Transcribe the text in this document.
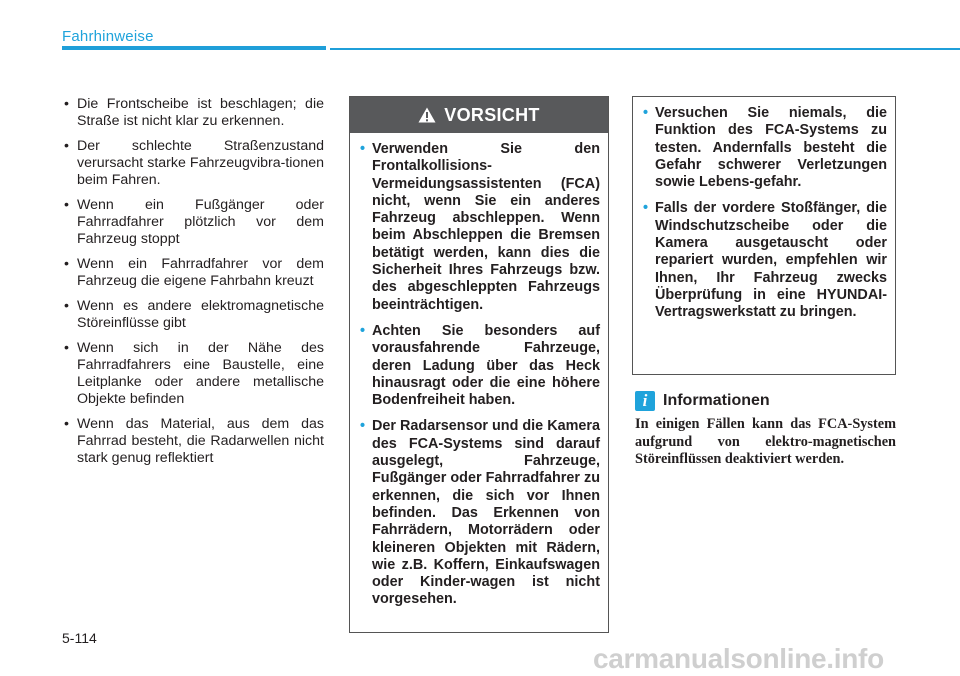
Fahrhinweise
• Die Frontscheibe ist beschlagen; die Straße ist nicht klar zu erkennen.
• Der schlechte Straßenzustand verursacht starke Fahrzeugvibra-tionen beim Fahren.
• Wenn ein Fußgänger oder Fahrradfahrer plötzlich vor dem Fahrzeug stoppt
• Wenn ein Fahrradfahrer vor dem Fahrzeug die eigene Fahrbahn kreuzt
• Wenn es andere elektromagnetische Störeinflüsse gibt
• Wenn sich in der Nähe des Fahrradfahrers eine Baustelle, eine Leitplanke oder andere metallische Objekte befinden
• Wenn das Material, aus dem das Fahrrad besteht, die Radarwellen nicht stark genug reflektiert
VORSICHT
• Verwenden Sie den Frontalkollisions-Vermeidungsassistenten (FCA) nicht, wenn Sie ein anderes Fahrzeug abschleppen. Wenn beim Abschleppen die Bremsen betätigt werden, kann dies die Sicherheit Ihres Fahrzeugs bzw. des abgeschleppten Fahrzeugs beeinträchtigen.
• Achten Sie besonders auf vorausfahrende Fahrzeuge, deren Ladung über das Heck hinausragt oder die eine höhere Bodenfreiheit haben.
• Der Radarsensor und die Kamera des FCA-Systems sind darauf ausgelegt, Fahrzeuge, Fußgänger oder Fahrradfahrer zu erkennen, die sich vor Ihnen befinden. Das Erkennen von Fahrrädern, Motorrädern oder kleineren Objekten mit Rädern, wie z.B. Koffern, Einkaufswagen oder Kinder-wagen ist nicht vorgesehen.
• Versuchen Sie niemals, die Funktion des FCA-Systems zu testen. Andernfalls besteht die Gefahr schwerer Verletzungen sowie Lebens-gefahr.
• Falls der vordere Stoßfänger, die Windschutzscheibe oder die Kamera ausgetauscht oder repariert wurden, empfehlen wir Ihnen, Ihr Fahrzeug zwecks Überprüfung in eine HYUNDAI-Vertragswerkstatt zu bringen.
i Informationen
In einigen Fällen kann das FCA-System aufgrund von elektro-magnetischen Störeinflüssen deaktiviert werden.
5-114
carmanualsonline.info
